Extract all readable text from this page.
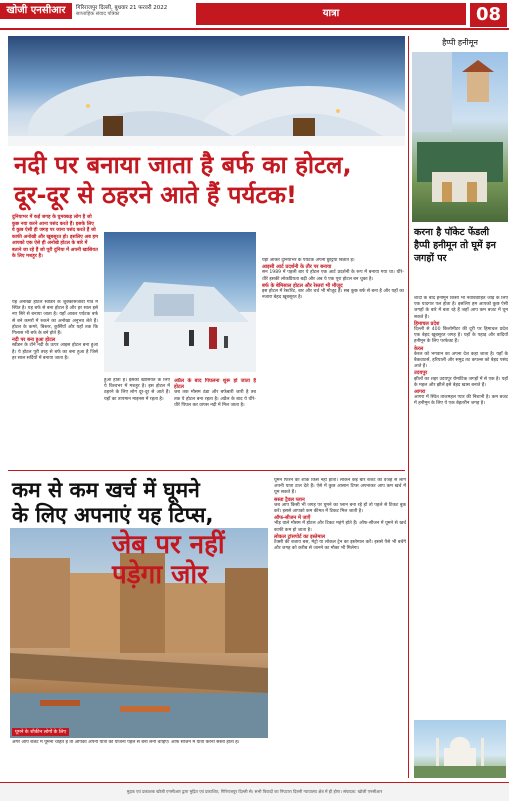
खोजी एनसीआर	गिरिराजपुर दिल्ली, बुधवार 21 फरवरी 2022
साप्ताहिक संवाद पत्रिका	यात्रा	08
नदी पर बनाया जाता है बर्फ का होटल,
दूर-दूर से ठहरने आते हैं पर्यटक!
दुनियाभर में कई जगह के घुमक्कड़ लोग है जो कुछ नया करने आना पसंद करते हैं। इसके लिए वे कुछ ऐसी ही जगह पर जाना पसंद करते हैं जो काफी अनोखी और खूबसूरत हो। इसलिए अब हम आपको एक ऐसे ही अनोखे होटल के बारे में बताने जा रहे हैं जो पूरी दुनिया में अपनी खासियत के लिए मशहूर है।
यह अनोखा होटल स्वीडन के जुक्कासजार्वी गांव में स्थित है। यह बर्फ से बना होटल है और हर साल इसे नए सिरे से बनाया जाता है। यहाँ आकर पर्यटक बर्फ से बने कमरों में रुकने का अनोखा अनुभव लेते हैं। होटल के कमरे, बिस्तर, कुर्सियाँ और यहाँ तक कि गिलास भी बर्फ के बने होते हैं।
नदी पर बना हुआ होटल
स्वीडन के टॉर्न नदी के ऊपर आइस होटल बना हुआ है। ये होटल पूरी तरह से बर्फ का बना हुआ है जिसे हर साल सर्दियों में बनाया जाता है।
हुआ होता है। इसकी खासियत के लिए ये विश्वभर में मशहूर है। इस होटल में ठहरने के लिए लोग दूर-दूर से आते हैं। यहाँ का तापमान माइनस में रहता है।
अप्रैल के बाद पिघलना शुरू हो जाता है होटल
जब तक मौसम ठंडा और बर्फबारी जारी है तब तक ये होटल बना रहता है। अप्रैल के बाद ये धीरे-धीरे पिघल कर वापस नदी में मिल जाता है।
यहाँ आकर दुनियाभर के पर्यटक अपनी छुट्टियाँ बिताते हैं।
आइसी आर्ट प्रदर्शनी के तौर पर बनाया
सन 1989 में पहली बार ये होटल एक आर्ट प्रदर्शनी के रूप में बनाया गया था। धीरे-धीरे इसकी लोकप्रियता बढ़ी और अब ये एक पूरा होटल बन चुका है।
बर्फ के बेमिसाल होटल और रेस्तरां भी मौजूद
इस होटल में रेस्टोरेंट, बार और चर्च भी मौजूद हैं। सब कुछ बर्फ से बना है और यहाँ का नजारा बेहद खूबसूरत है।
कम से कम खर्च में घूमने
के लिए अपनाएं यह टिप्स,
जेब पर नहीं
पड़ेगा जोर
घूमने के शौकीन लोगों के लिए
अगर आप बजट में घूमना चाहते हैं तो आपको अपनी यात्रा की योजना पहले से बना लेनी चाहिए। ऑफ सीजन में यात्रा करना सस्ता होता है।
घूमने फिरने का शौक किसे नहीं होता। लेकिन कई बार बजट की वजह से लोग अपनी यात्रा टाल देते हैं। ऐसे में कुछ आसान टिप्स अपनाकर आप कम खर्च में घूम सकते हैं।
सस्ता ट्रैवल प्लान
जब आप किसी भी जगह पर घूमने का प्लान बना रहे हों तो पहले से टिकट बुक करें। इससे आपको कम कीमत में टिकट मिल जाती है।
ऑफ-सीजन में जाएँ
भीड़ वाले मौसम में होटल और टिकट महंगे होते हैं। ऑफ-सीजन में घूमने से खर्च काफी कम हो जाता है।
लोकल ट्रांसपोर्ट का इस्तेमाल
टैक्सी की बजाय बस, मेट्रो या लोकल ट्रेन का इस्तेमाल करें। इससे पैसे भी बचेंगे और जगह को करीब से जानने का मौका भी मिलेगा।
हैप्पी हनीमून
करना है पॉकेट फेंडली हैप्पी हनीमून तो घूमें इन जगहों पर
शादी के बाद हनीमून किसी भी नवविवाहित जोड़े के लिए एक यादगार पल होता है। इसलिए हम आपको कुछ ऐसी जगहों के बारे में बता रहे हैं जहाँ आप कम बजट में घूम सकते हैं।
हिमाचल प्रदेश
दिल्ली से 400 किलोमीटर की दूरी पर हिमाचल प्रदेश एक बेहद खूबसूरत जगह है। यहाँ के पहाड़ और वादियाँ हनीमून के लिए परफेक्ट हैं।
केरल
केरल को भगवान का अपना देश कहा जाता है। यहाँ के बैकवाटर्स, हरियाली और समुद्र तट कपल्स को बेहद पसंद आते हैं।
उदयपुर
झीलों का शहर उदयपुर रोमांटिक जगहों में से एक है। यहाँ के महल और झीलें इसे बेहद खास बनाते हैं।
आगरा
आगरा में स्थित ताजमहल प्यार की निशानी है। कम बजट में हनीमून के लिए ये एक बेहतरीन जगह है।
मुद्रक एवं प्रकाशक खोजी एनसीआर द्वारा मुद्रित एवं प्रकाशित, गिरिराजपुर दिल्ली से। सभी विवादों का निपटारा दिल्ली न्यायालय क्षेत्र में ही होगा। संपादक: खोजी एनसीआर
